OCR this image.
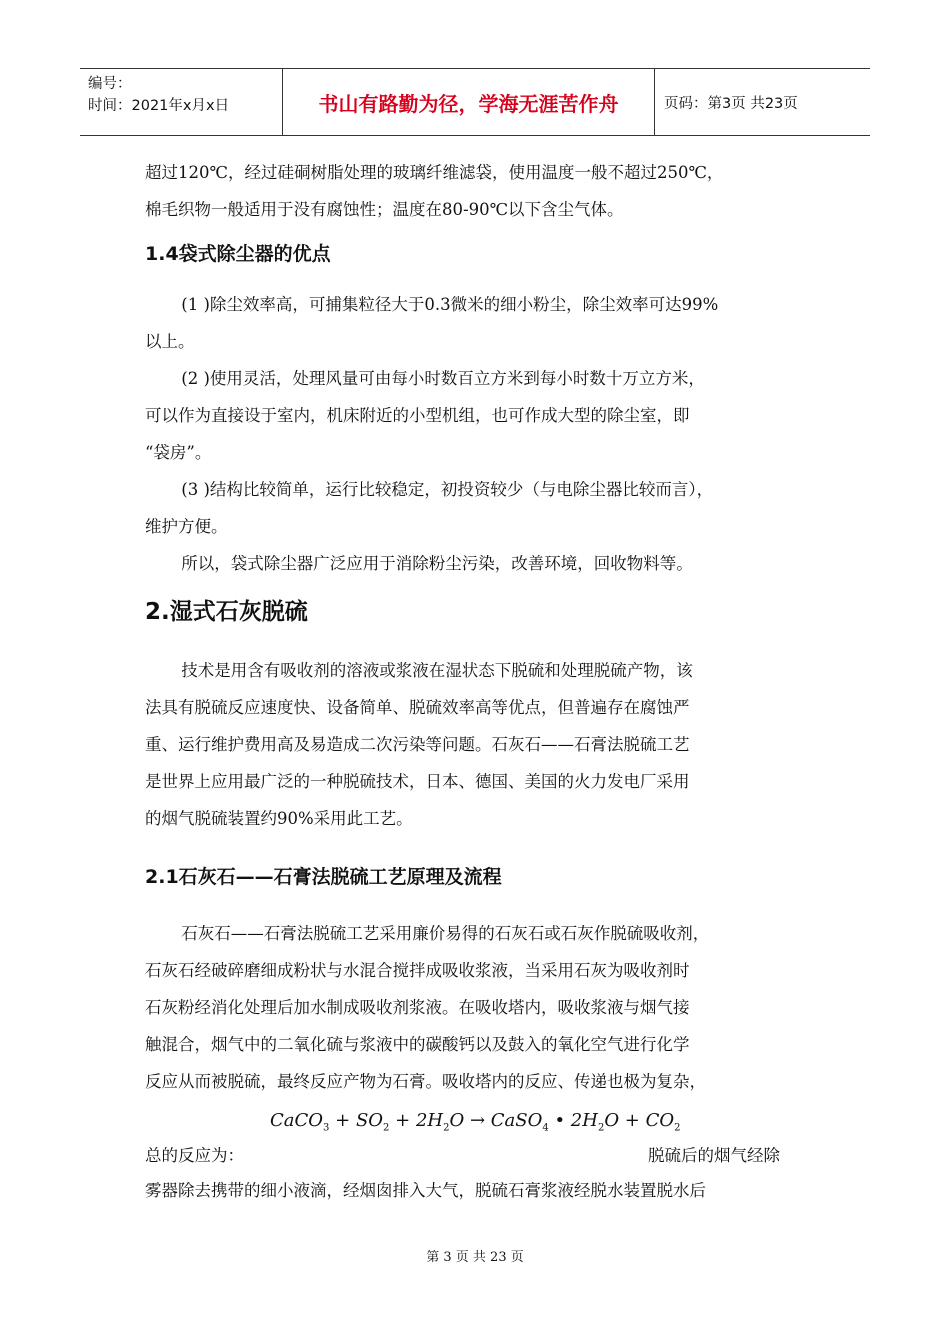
编号：
时间：2021年x月x日	书山有路勤为径，学海无涯苦作舟	页码：第3页 共23页

超过120℃，经过硅硐树脂处理的玻璃纤维滤袋，使用温度一般不超过250℃，

棉毛织物一般适用于没有腐蚀性；温度在80-90℃以下含尘气体。

1.4袋式除尘器的优点

(1 )除尘效率高，可捕集粒径大于0.3微米的细小粉尘，除尘效率可达99%

以上。

(2 )使用灵活，处理风量可由每小时数百立方米到每小时数十万立方米，

可以作为直接设于室内，机床附近的小型机组，也可作成大型的除尘室，即

“袋房”。

(3 )结构比较简单，运行比较稳定，初投资较少（与电除尘器比较而言），

维护方便。

所以，袋式除尘器广泛应用于消除粉尘污染，改善环境，回收物料等。

2.湿式石灰脱硫

技术是用含有吸收剂的溶液或浆液在湿状态下脱硫和处理脱硫产物，该

法具有脱硫反应速度快、设备简单、脱硫效率高等优点，但普遍存在腐蚀严

重、运行维护费用高及易造成二次污染等问题。石灰石——石膏法脱硫工艺

是世界上应用最广泛的一种脱硫技术，日本、德国、美国的火力发电厂采用

的烟气脱硫装置约90%采用此工艺。

2.1石灰石——石膏法脱硫工艺原理及流程

石灰石——石膏法脱硫工艺采用廉价易得的石灰石或石灰作脱硫吸收剂，

石灰石经破碎磨细成粉状与水混合搅拌成吸收浆液，当采用石灰为吸收剂时

石灰粉经消化处理后加水制成吸收剂浆液。在吸收塔内，吸收浆液与烟气接

触混合，烟气中的二氧化硫与浆液中的碳酸钙以及鼓入的氧化空气进行化学

反应从而被脱硫，最终反应产物为石膏。吸收塔内的反应、传递也极为复杂，

总的反应为：
CaCO$_3$ + $SO_2 + 2H_2O$ → CaSO$_4$ • $2H_2O + CO_2$
脱硫后的烟气经除

雾器除去携带的细小液滴，经烟囱排入大气，脱硫石膏浆液经脱水装置脱水后

第 3 页 共 23 页
